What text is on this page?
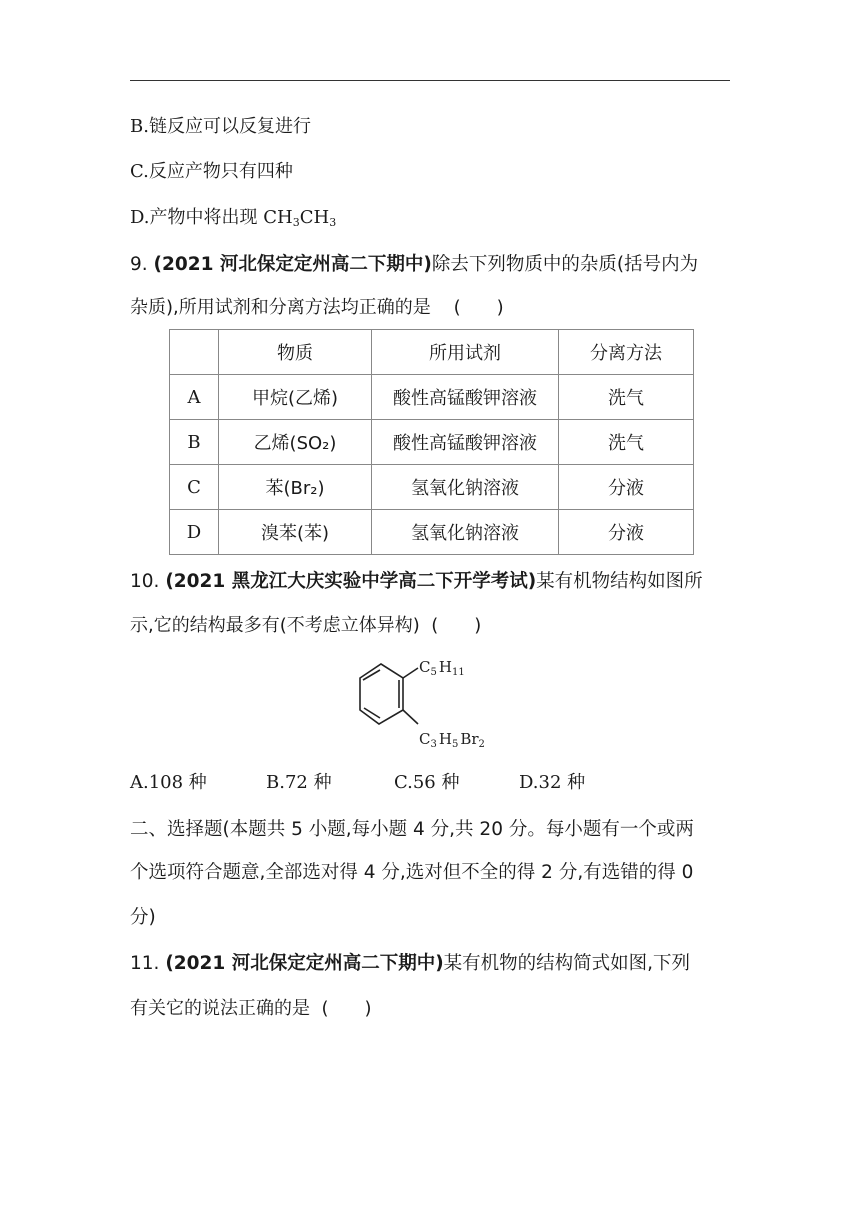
B.链反应可以反复进行
C.反应产物只有四种
D.产物中将出现 $CH_3CH_3$
9. (2021 河北保定定州高二下期中)除去下列物质中的杂质(括号内为
杂质),所用试剂和分离方法均正确的是 (　　)
	物质	所用试剂	分离方法
A	甲烷(乙烯)	酸性高锰酸钾溶液	洗气
B	乙烯(SO₂)	酸性高锰酸钾溶液	洗气
C	苯(Br₂)	氢氧化钠溶液	分液
D	溴苯(苯)	氢氧化钠溶液	分液
10. (2021 黑龙江大庆实验中学高二下开学考试)某有机物结构如图所
示,它的结构最多有(不考虑立体异构) (　　)
$C_5$ $H_{11}$
$C_3$ $H_5$ $Br_2$
A.108 种	B.72 种	C.56 种	D.32 种
二、选择题(本题共 5 小题,每小题 4 分,共 20 分。每小题有一个或两
个选项符合题意,全部选对得 4 分,选对但不全的得 2 分,有选错的得 0
分)
11. (2021 河北保定定州高二下期中)某有机物的结构简式如图,下列
有关它的说法正确的是 (　　)
